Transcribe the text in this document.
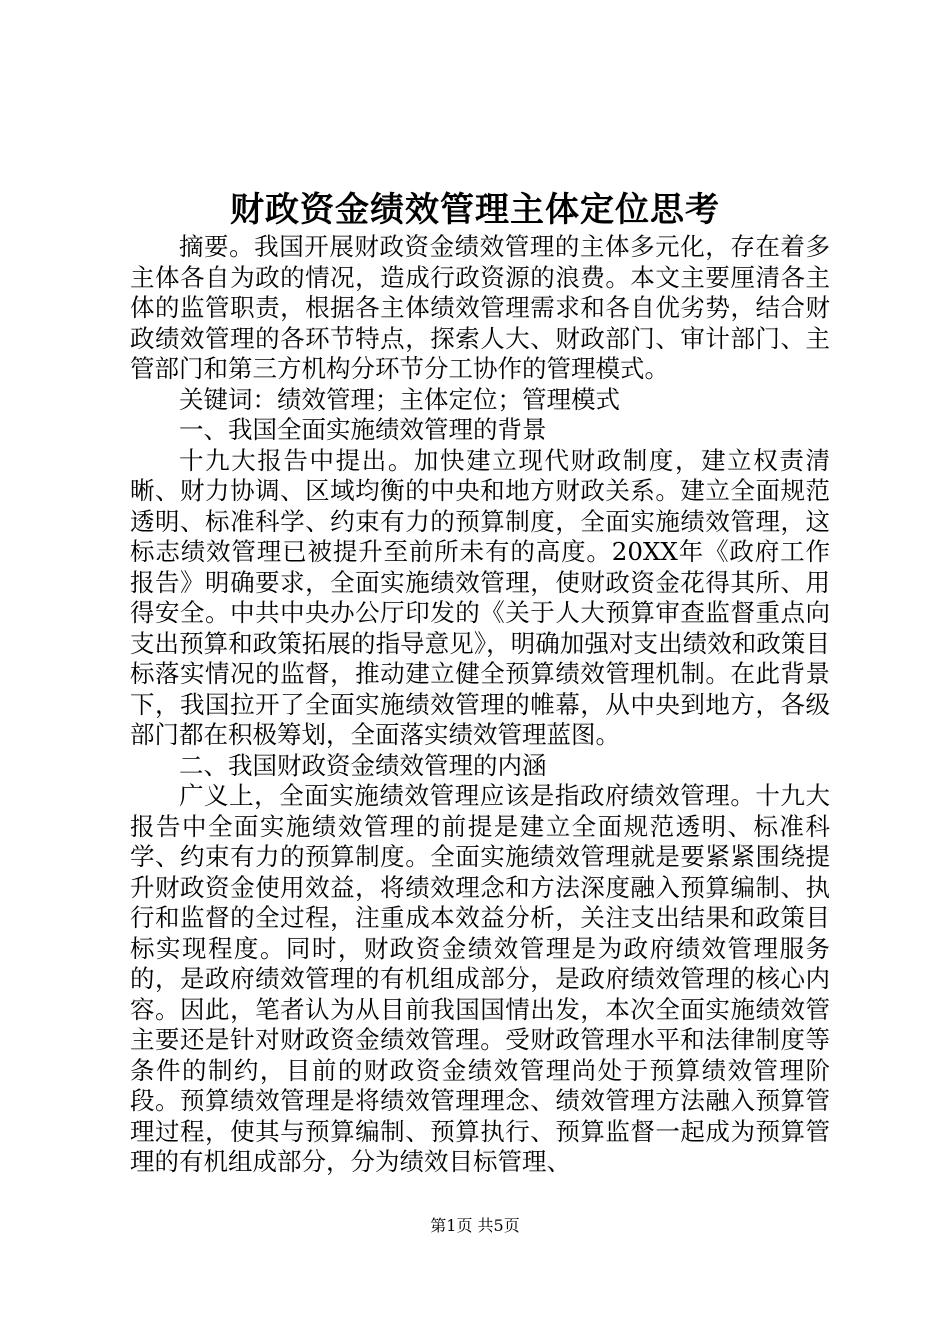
财政资金绩效管理主体定位思考

摘要。我国开展财政资金绩效管理的主体多元化，存在着多主体各自为政的情况，造成行政资源的浪费。本文主要厘清各主体的监管职责，根据各主体绩效管理需求和各自优劣势，结合财政绩效管理的各环节特点，探索人大、财政部门、审计部门、主管部门和第三方机构分环节分工协作的管理模式。

关键词：绩效管理；主体定位；管理模式

一、我国全面实施绩效管理的背景

十九大报告中提出。加快建立现代财政制度，建立权责清晰、财力协调、区域均衡的中央和地方财政关系。建立全面规范透明、标准科学、约束有力的预算制度，全面实施绩效管理，这标志绩效管理已被提升至前所未有的高度。20XX年《政府工作报告》明确要求，全面实施绩效管理，使财政资金花得其所、用得安全。中共中央办公厅印发的《关于人大预算审查监督重点向支出预算和政策拓展的指导意见》，明确加强对支出绩效和政策目标落实情况的监督，推动建立健全预算绩效管理机制。在此背景下，我国拉开了全面实施绩效管理的帷幕，从中央到地方，各级部门都在积极筹划，全面落实绩效管理蓝图。

二、我国财政资金绩效管理的内涵

广义上，全面实施绩效管理应该是指政府绩效管理。十九大报告中全面实施绩效管理的前提是建立全面规范透明、标准科学、约束有力的预算制度。全面实施绩效管理就是要紧紧围绕提升财政资金使用效益，将绩效理念和方法深度融入预算编制、执行和监督的全过程，注重成本效益分析，关注支出结果和政策目标实现程度。同时，财政资金绩效管理是为政府绩效管理服务的，是政府绩效管理的有机组成部分，是政府绩效管理的核心内容。因此，笔者认为从目前我国国情出发，本次全面实施绩效管主要还是针对财政资金绩效管理。受财政管理水平和法律制度等条件的制约，目前的财政资金绩效管理尚处于预算绩效管理阶段。预算绩效管理是将绩效管理理念、绩效管理方法融入预算管理过程，使其与预算编制、预算执行、预算监督一起成为预算管理的有机组成部分，分为绩效目标管理、

第1页 共5页
